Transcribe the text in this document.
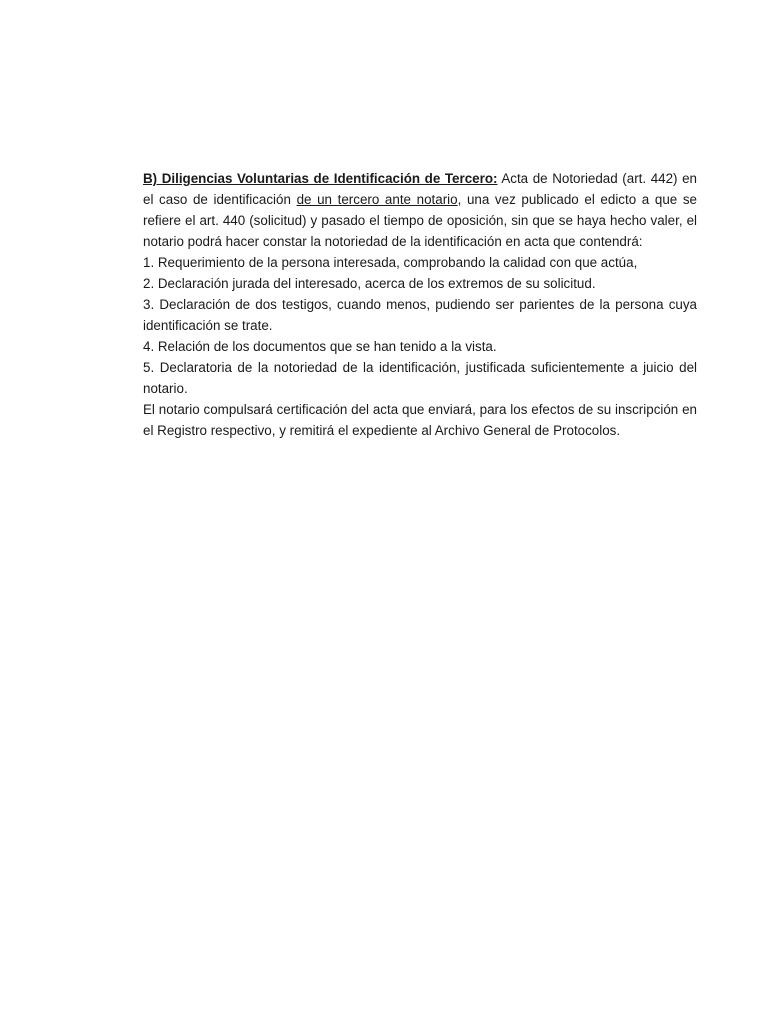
B) Diligencias Voluntarias de Identificación de Tercero: Acta de Notoriedad (art. 442) en el caso de identificación de un tercero ante notario, una vez publicado el edicto a que se refiere el art. 440 (solicitud) y pasado el tiempo de oposición, sin que se haya hecho valer, el notario podrá hacer constar la notoriedad de la identificación en acta que contendrá:

1. Requerimiento de la persona interesada, comprobando la calidad con que actúa,

2. Declaración jurada del interesado, acerca de los extremos de su solicitud.

3. Declaración de dos testigos, cuando menos, pudiendo ser parientes de la persona cuya identificación se trate.

4. Relación de los documentos que se han tenido a la vista.

5. Declaratoria de la notoriedad de la identificación, justificada suficientemente a juicio del notario.

El notario compulsará certificación del acta que enviará, para los efectos de su inscripción en el Registro respectivo, y remitirá el expediente al Archivo General de Protocolos.
